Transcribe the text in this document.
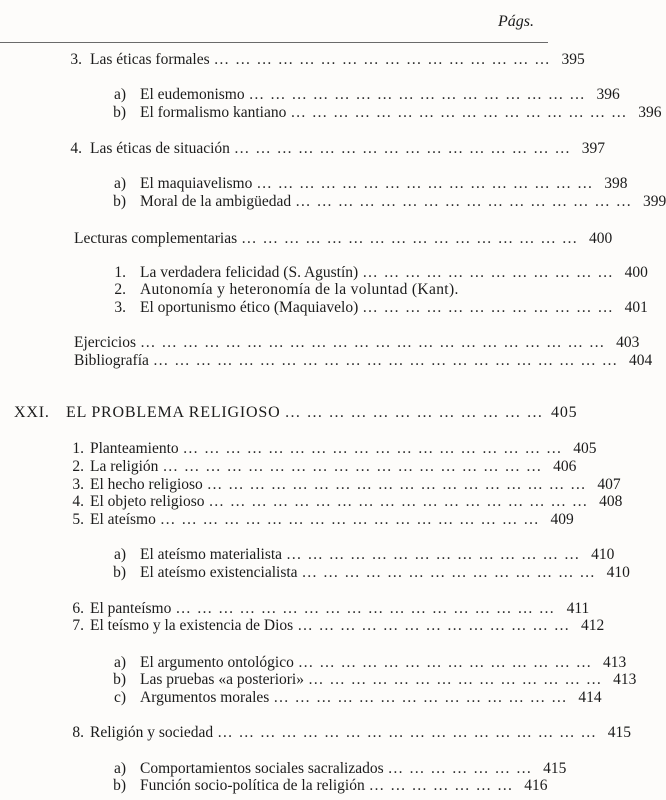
Págs.
3. Las éticas formales … … … … … … … … … … … … … … … … 395
a) El eudemonismo … … … … … … … … … … … … … … … … 396
b) El formalismo kantiano … … … … … … … … … … … … … … … … 396
4. Las éticas de situación … … … … … … … … … … … … … … … … 397
a) El maquiavelismo … … … … … … … … … … … … … … … … 398
b) Moral de la ambigüedad … … … … … … … … … … … … … … … … 399
Lecturas complementarias … … … … … … … … … … … … … … … … 400
1. La verdadera felicidad (S. Agustín) … … … … … … … … … … … … 400
2. Autonomía y heteronomía de la voluntad (Kant).
3. El oportunismo ético (Maquiavelo) … … … … … … … … … … … … 401
Ejercicios … … … … … … … … … … … … … … … … … … … … … … 403
Bibliografía … … … … … … … … … … … … … … … … … … … … … … 404
XXI.	EL PROBLEMA RELIGIOSO … … … … … … … … … … … … 405
1. Planteamiento … … … … … … … … … … … … … … … … … … 405
2. La religión … … … … … … … … … … … … … … … … … … 406
3. El hecho religioso … … … … … … … … … … … … … … … … … … 407
4. El objeto religioso … … … … … … … … … … … … … … … … … … 408
5. El ateísmo … … … … … … … … … … … … … … … … … … 409
a) El ateísmo materialista … … … … … … … … … … … … … … 410
b) El ateísmo existencialista … … … … … … … … … … … … … … 410
6. El panteísmo … … … … … … … … … … … … … … … … … … 411
7. El teísmo y la existencia de Dios … … … … … … … … … … … … … 412
a) El argumento ontológico … … … … … … … … … … … … … … 413
b) Las pruebas «a posteriori» … … … … … … … … … … … … … … 413
c) Argumentos morales … … … … … … … … … … … … … … 414
8. Religión y sociedad … … … … … … … … … … … … … … … … … … 415
a) Comportamientos sociales sacralizados … … … … … … … 415
b) Función socio-política de la religión … … … … … … … 416
